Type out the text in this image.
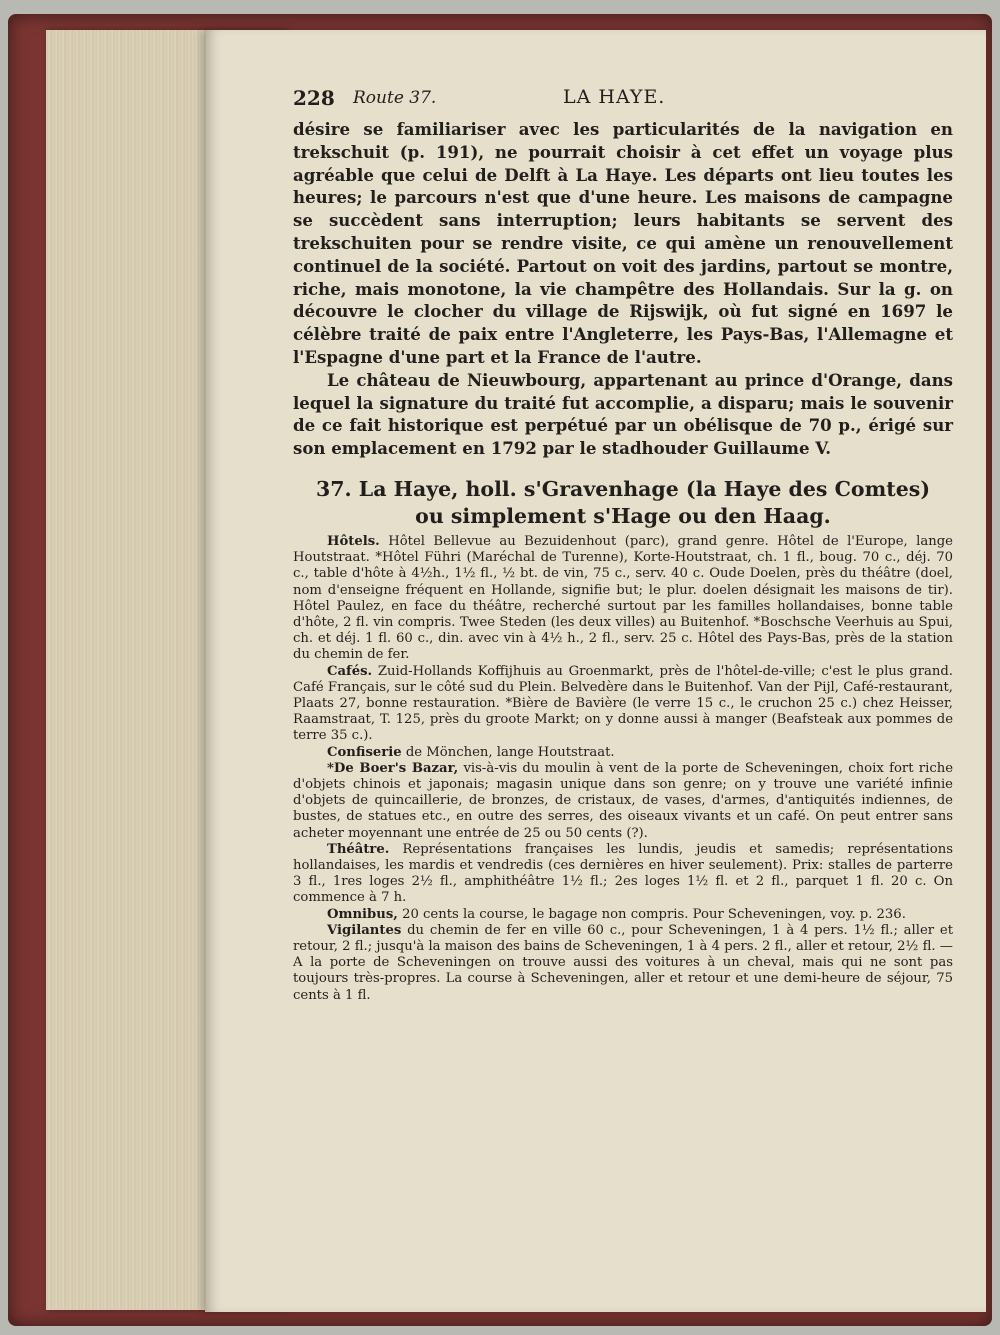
228 Route 37.	LA HAYE.

désire se familiariser avec les particularités de la navigation en trekschuit (p. 191), ne pourrait choisir à cet effet un voyage plus agréable que celui de Delft à La Haye. Les départs ont lieu toutes les heures; le parcours n'est que d'une heure. Les maisons de campagne se succèdent sans interruption; leurs habitants se servent des trekschuiten pour se rendre visite, ce qui amène un renouvellement continuel de la société. Partout on voit des jardins, partout se montre, riche, mais monotone, la vie champêtre des Hollandais. Sur la g. on découvre le clocher du village de Rijswijk, où fut signé en 1697 le célèbre traité de paix entre l'Angleterre, les Pays-Bas, l'Allemagne et l'Espagne d'une part et la France de l'autre.

Le château de Nieuwbourg, appartenant au prince d'Orange, dans lequel la signature du traité fut accomplie, a disparu; mais le souvenir de ce fait historique est perpétué par un obélisque de 70 p., érigé sur son emplacement en 1792 par le stadhouder Guillaume V.

37. La Haye, holl. s'Gravenhage (la Haye des Comtes)
ou simplement s'Hage ou den Haag.

Hôtels. Hôtel Bellevue au Bezuidenhout (parc), grand genre. Hôtel de l'Europe, lange Houtstraat. *Hôtel Führi (Maréchal de Turenne), Korte-Houtstraat, ch. 1 fl., boug. 70 c., déj. 70 c., table d'hôte à 4½h., 1½ fl., ½ bt. de vin, 75 c., serv. 40 c. Oude Doelen, près du théâtre (doel, nom d'enseigne fréquent en Hollande, signifie but; le plur. doelen désignait les maisons de tir). Hôtel Paulez, en face du théâtre, recherché surtout par les familles hollandaises, bonne table d'hôte, 2 fl. vin compris. Twee Steden (les deux villes) au Buitenhof. *Boschsche Veerhuis au Spui, ch. et déj. 1 fl. 60 c., din. avec vin à 4½ h., 2 fl., serv. 25 c. Hôtel des Pays-Bas, près de la station du chemin de fer.

Cafés. Zuid-Hollands Koffijhuis au Groenmarkt, près de l'hôtel-de-ville; c'est le plus grand. Café Français, sur le côté sud du Plein. Belvedère dans le Buitenhof. Van der Pijl, Café-restaurant, Plaats 27, bonne restauration. *Bière de Bavière (le verre 15 c., le cruchon 25 c.) chez Heisser, Raamstraat, T. 125, près du groote Markt; on y donne aussi à manger (Beafsteak aux pommes de terre 35 c.).

Confiserie de Mönchen, lange Houtstraat.

*De Boer's Bazar, vis-à-vis du moulin à vent de la porte de Scheveningen, choix fort riche d'objets chinois et japonais; magasin unique dans son genre; on y trouve une variété infinie d'objets de quincaillerie, de bronzes, de cristaux, de vases, d'armes, d'antiquités indiennes, de bustes, de statues etc., en outre des serres, des oiseaux vivants et un café. On peut entrer sans acheter moyennant une entrée de 25 ou 50 cents (?).

Théâtre. Représentations françaises les lundis, jeudis et samedis; représentations hollandaises, les mardis et vendredis (ces dernières en hiver seulement). Prix: stalles de parterre 3 fl., 1res loges 2½ fl., amphithéâtre 1½ fl.; 2es loges 1½ fl. et 2 fl., parquet 1 fl. 20 c. On commence à 7 h.

Omnibus, 20 cents la course, le bagage non compris. Pour Scheveningen, voy. p. 236.

Vigilantes du chemin de fer en ville 60 c., pour Scheveningen, 1 à 4 pers. 1½ fl.; aller et retour, 2 fl.; jusqu'à la maison des bains de Scheveningen, 1 à 4 pers. 2 fl., aller et retour, 2½ fl. — A la porte de Scheveningen on trouve aussi des voitures à un cheval, mais qui ne sont pas toujours très-propres. La course à Scheveningen, aller et retour et une demi-heure de séjour, 75 cents à 1 fl.
